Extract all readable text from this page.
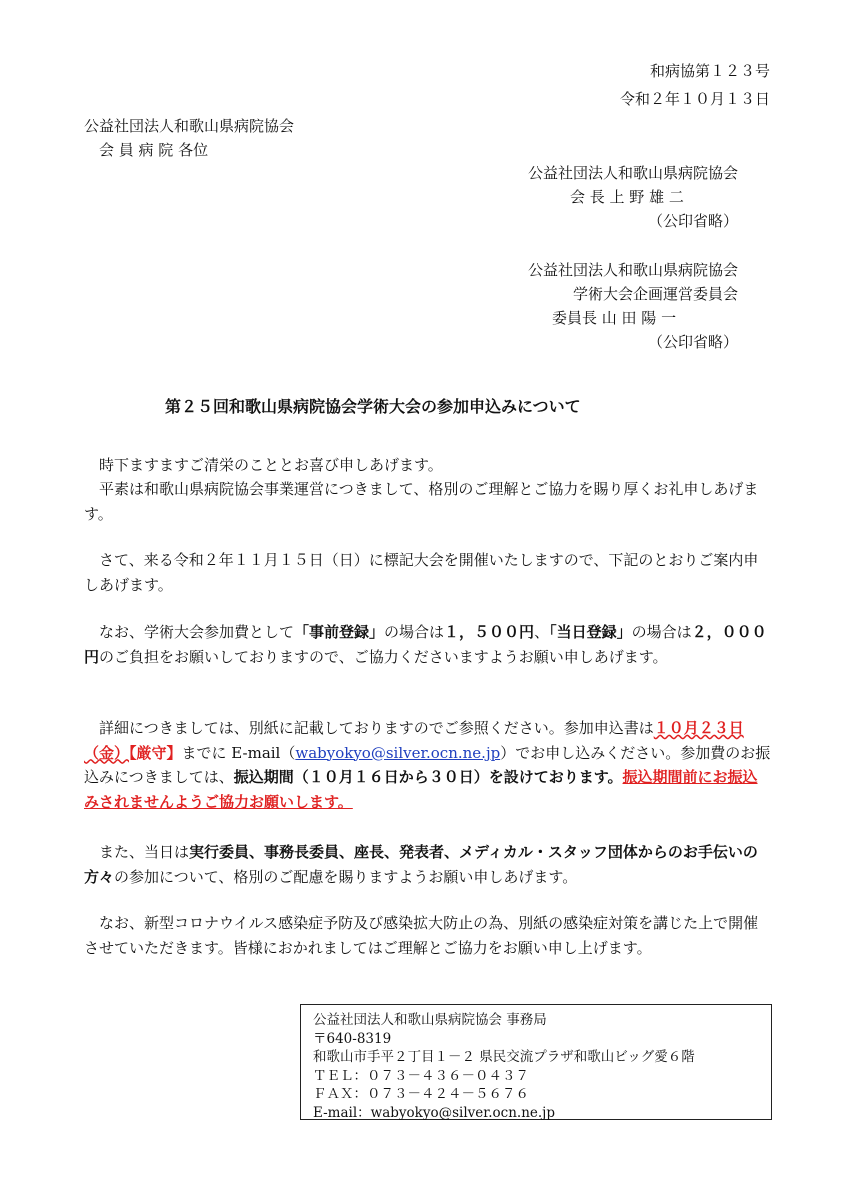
和病協第１２３号
令和２年１０月１３日
公益社団法人和歌山県病院協会
会 員 病 院 各位
公益社団法人和歌山県病院協会
会 長 上 野 雄 二
（公印省略）
公益社団法人和歌山県病院協会
学術大会企画運営委員会
委員長 山 田 陽 一
（公印省略）
第２５回和歌山県病院協会学術大会の参加申込みについて
時下ますますご清栄のこととお喜び申しあげます。
平素は和歌山県病院協会事業運営につきまして、格別のご理解とご協力を賜り厚くお礼申しあげます。
さて、来る令和２年１１月１５日（日）に標記大会を開催いたしますので、下記のとおりご案内申しあげます。
なお、学術大会参加費として「事前登録」の場合は１，５００円、「当日登録」の場合は２，０００円のご負担をお願いしておりますので、ご協力くださいますようお願い申しあげます。
詳細につきましては、別紙に記載しておりますのでご参照ください。参加申込書は１０月２３日（金）【厳守】までに E-mail（wabyokyo@silver.ocn.ne.jp）でお申し込みください。参加費のお振込みにつきましては、振込期間（１０月１６日から３０日）を設けております。振込期間前にお振込みされませんようご協力お願いします。
また、当日は実行委員、事務長委員、座長、発表者、メディカル・スタッフ団体からのお手伝いの方々の参加について、格別のご配慮を賜りますようお願い申しあげます。
なお、新型コロナウイルス感染症予防及び感染拡大防止の為、別紙の感染症対策を講じた上で開催させていただきます。皆様におかれましてはご理解とご協力をお願い申し上げます。
公益社団法人和歌山県病院協会 事務局
〒640-8319
和歌山市手平２丁目１－２ 県民交流プラザ和歌山ビッグ愛６階
ＴＥＬ：０７３－４３６－０４３７
ＦＡＸ：０７３－４２４－５６７６
E-mail：wabyokyo@silver.ocn.ne.jp
